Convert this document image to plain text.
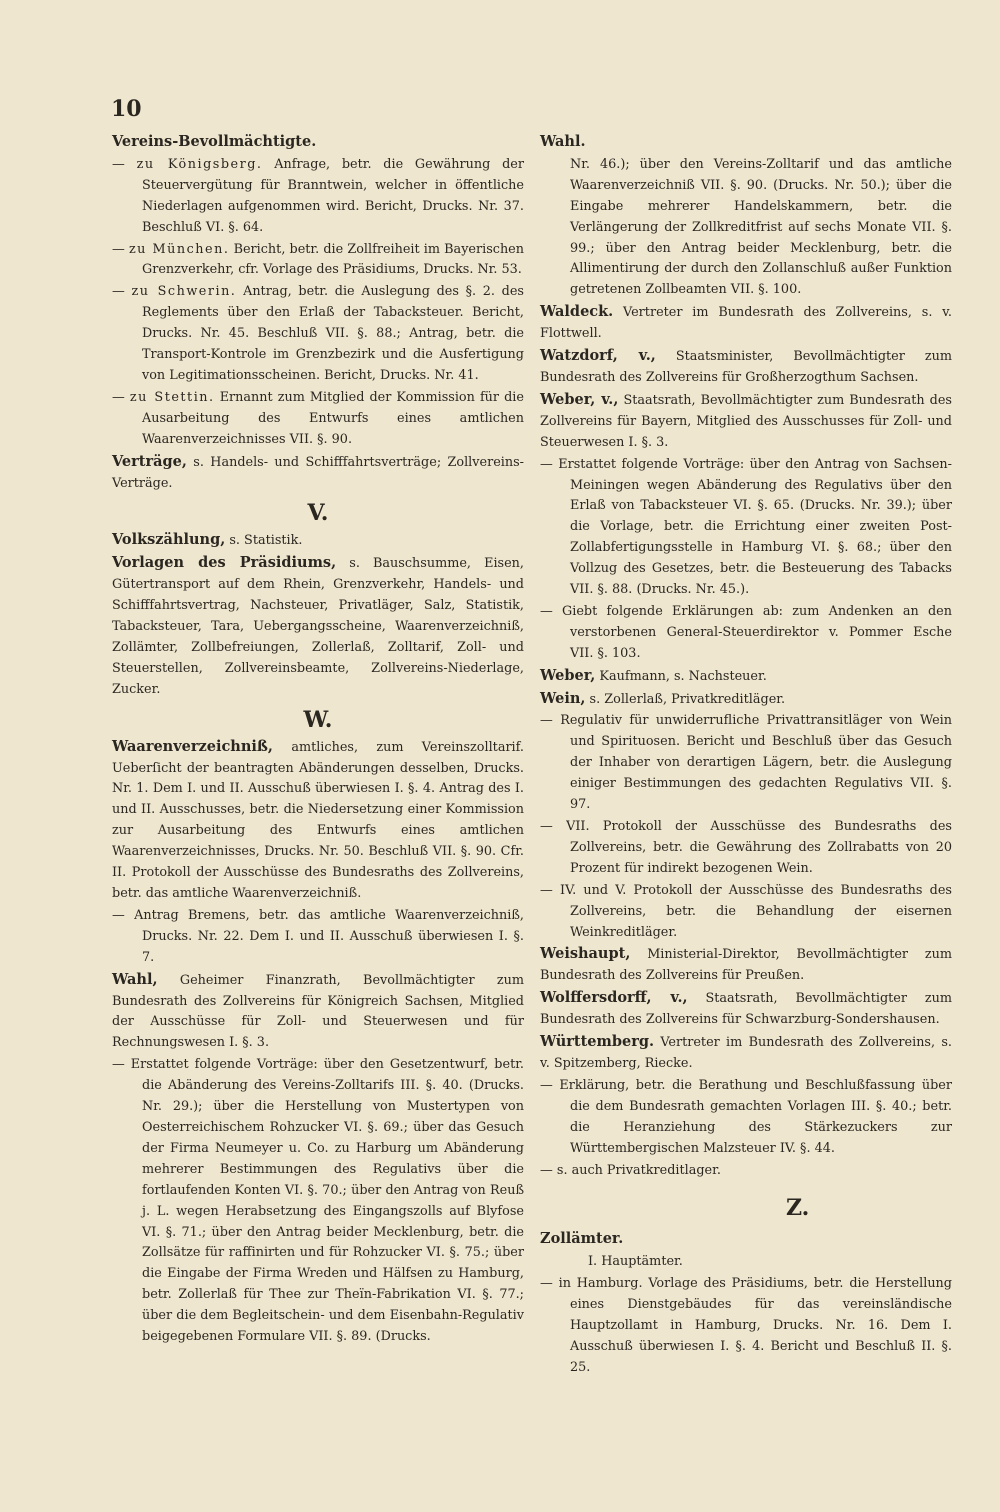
10
Vereins-Bevollmächtigte.
— zu Königsberg. Anfrage, betr. die Gewährung der Steuervergütung für Branntwein, welcher in öffentliche Niederlagen aufgenommen wird. Bericht, Drucks. Nr. 37. Beschluß VI. §. 64.
— zu München. Bericht, betr. die Zollfreiheit im Bayerischen Grenzverkehr, cfr. Vorlage des Präsidiums, Drucks. Nr. 53.
— zu Schwerin. Antrag, betr. die Auslegung des §. 2. des Reglements über den Erlaß der Tabacksteuer. Bericht, Drucks. Nr. 45. Beschluß VII. §. 88.; Antrag, betr. die Transport-Kontrole im Grenzbezirk und die Ausfertigung von Legitimationsscheinen. Bericht, Drucks. Nr. 41.
— zu Stettin. Ernannt zum Mitglied der Kommission für die Ausarbeitung des Entwurfs eines amtlichen Waarenverzeichnisses VII. §. 90.
Verträge, s. Handels- und Schifffahrtsverträge; Zollvereins-Verträge.
V.
Volkszählung, s. Statistik.
Vorlagen des Präsidiums, s. Bauschsumme, Eisen, Gütertransport auf dem Rhein, Grenzverkehr, Handels- und Schifffahrtsvertrag, Nachsteuer, Privatläger, Salz, Statistik, Tabacksteuer, Tara, Uebergangsscheine, Waarenverzeichniß, Zollämter, Zollbefreiungen, Zollerlaß, Zolltarif, Zoll- und Steuerstellen, Zollvereinsbeamte, Zollvereins-Niederlage, Zucker.
W.
Waarenverzeichniß, amtliches, zum Vereinszolltarif. Ueberſicht der beantragten Abänderungen desselben, Drucks. Nr. 1. Dem I. und II. Ausschuß überwiesen I. §. 4. Antrag des I. und II. Ausschusses, betr. die Niedersetzung einer Kommission zur Ausarbeitung des Entwurfs eines amtlichen Waarenverzeichnisses, Drucks. Nr. 50. Beschluß VII. §. 90. Cfr. II. Protokoll der Ausschüsse des Bundesraths des Zollvereins, betr. das amtliche Waarenverzeichniß.
— Antrag Bremens, betr. das amtliche Waarenverzeichniß, Drucks. Nr. 22. Dem I. und II. Ausschuß überwiesen I. §. 7.
Wahl, Geheimer Finanzrath, Bevollmächtigter zum Bundesrath des Zollvereins für Königreich Sachsen, Mitglied der Ausschüsse für Zoll- und Steuerwesen und für Rechnungswesen I. §. 3.
— Erstattet folgende Vorträge: über den Gesetzentwurf, betr. die Abänderung des Vereins-Zolltarifs III. §. 40. (Drucks. Nr. 29.); über die Herstellung von Mustertypen von Oesterreichischem Rohzucker VI. §. 69.; über das Gesuch der Firma Neumeyer u. Co. zu Harburg um Abänderung mehrerer Bestimmungen des Regulativs über die fortlaufenden Konten VI. §. 70.; über den Antrag von Reuß j. L. wegen Herabsetzung des Eingangszolls auf Blyfose VI. §. 71.; über den Antrag beider Mecklenburg, betr. die Zollsätze für raffinirten und für Rohzucker VI. §. 75.; über die Eingabe der Firma Wreden und Hälfsen zu Hamburg, betr. Zollerlaß für Thee zur Theïn-Fabrikation VI. §. 77.; über die dem Begleitschein- und dem Eisenbahn-Regulativ beigegebenen Formulare VII. §. 89. (Drucks.
Wahl.
Nr. 46.); über den Vereins-Zolltarif und das amtliche Waarenverzeichniß VII. §. 90. (Drucks. Nr. 50.); über die Eingabe mehrerer Handelskammern, betr. die Verlängerung der Zollkreditfrist auf sechs Monate VII. §. 99.; über den Antrag beider Mecklenburg, betr. die Allimentirung der durch den Zollanschluß außer Funktion getretenen Zollbeamten VII. §. 100.
Waldeck. Vertreter im Bundesrath des Zollvereins, s. v. Flottwell.
Watzdorf, v., Staatsminister, Bevollmächtigter zum Bundesrath des Zollvereins für Großherzogthum Sachsen.
Weber, v., Staatsrath, Bevollmächtigter zum Bundesrath des Zollvereins für Bayern, Mitglied des Ausschusses für Zoll- und Steuerwesen I. §. 3.
— Erstattet folgende Vorträge: über den Antrag von Sachsen-Meiningen wegen Abänderung des Regulativs über den Erlaß von Tabacksteuer VI. §. 65. (Drucks. Nr. 39.); über die Vorlage, betr. die Errichtung einer zweiten Post-Zollabfertigungsstelle in Hamburg VI. §. 68.; über den Vollzug des Gesetzes, betr. die Besteuerung des Tabacks VII. §. 88. (Drucks. Nr. 45.).
— Giebt folgende Erklärungen ab: zum Andenken an den verstorbenen General-Steuerdirektor v. Pommer Esche VII. §. 103.
Weber, Kaufmann, s. Nachsteuer.
Wein, s. Zollerlaß, Privatkreditläger.
— Regulativ für unwiderrufliche Privattransitläger von Wein und Spirituosen. Bericht und Beschluß über das Gesuch der Inhaber von derartigen Lägern, betr. die Auslegung einiger Bestimmungen des gedachten Regulativs VII. §. 97.
— VII. Protokoll der Ausschüsse des Bundesraths des Zollvereins, betr. die Gewährung des Zollrabatts von 20 Prozent für indirekt bezogenen Wein.
— IV. und V. Protokoll der Ausschüsse des Bundesraths des Zollvereins, betr. die Behandlung der eisernen Weinkreditläger.
Weishaupt, Ministerial-Direktor, Bevollmächtigter zum Bundesrath des Zollvereins für Preußen.
Wolffersdorff, v., Staatsrath, Bevollmächtigter zum Bundesrath des Zollvereins für Schwarzburg-Sondershausen.
Württemberg. Vertreter im Bundesrath des Zollvereins, s. v. Spitzemberg, Riecke.
— Erklärung, betr. die Berathung und Beschlußfassung über die dem Bundesrath gemachten Vorlagen III. §. 40.; betr. die Heranziehung des Stärkezuckers zur Württembergischen Malzsteuer IV. §. 44.
— s. auch Privatkreditlager.
Z.
Zollämter.
I. Hauptämter.
— in Hamburg. Vorlage des Präsidiums, betr. die Herstellung eines Dienstgebäudes für das vereinsländische Hauptzollamt in Hamburg, Drucks. Nr. 16. Dem I. Ausschuß überwiesen I. §. 4. Bericht und Beschluß II. §. 25.
